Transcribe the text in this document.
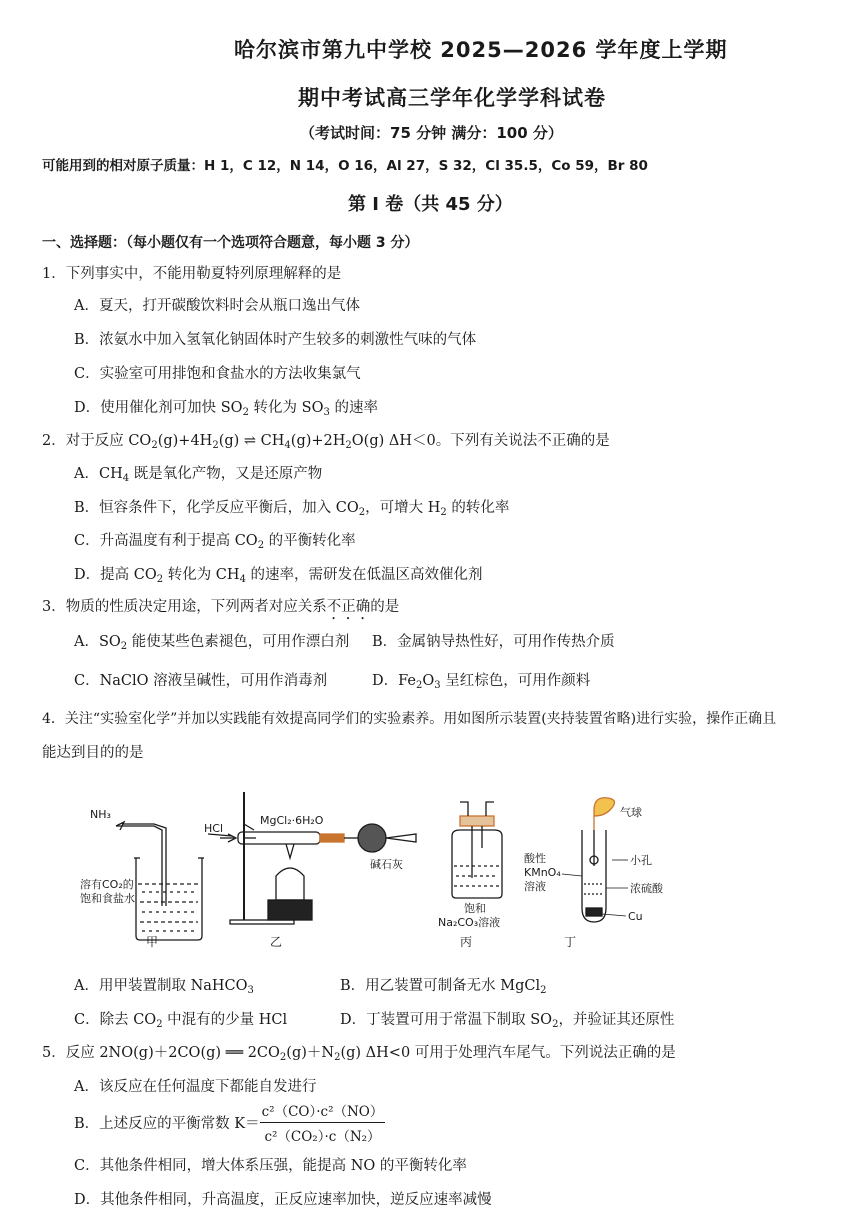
哈尔滨市第九中学校 2025—2026 学年度上学期
期中考试高三学年化学学科试卷
（考试时间：75 分钟 满分：100 分）
可能用到的相对原子质量：H 1，C 12，N 14，O 16，Al 27，S 32，Cl 35.5，Co 59，Br 80
第 I 卷（共 45 分）
一、选择题：（每小题仅有一个选项符合题意，每小题 3 分）
1．下列事实中，不能用勒夏特列原理解释的是
A．夏天，打开碳酸饮料时会从瓶口逸出气体
B．浓氨水中加入氢氧化钠固体时产生较多的刺激性气味的气体
C．实验室可用排饱和食盐水的方法收集氯气
D．使用催化剂可加快 $SO_2$ 转化为 $SO_3$ 的速率
2．对于反应 $CO_2(g)+4H_2(g)$ ⇌ $CH_4(g)+2H_2O(g)$ ΔH＜0。下列有关说法不正确的是
A．$CH_4$ 既是氧化产物，又是还原产物
B．恒容条件下，化学反应平衡后，加入 $CO_2$，可增大 $H_2$ 的转化率
C．升高温度有利于提高 $CO_2$ 的平衡转化率
D．提高 $CO_2$ 转化为 $CH_4$ 的速率，需研发在低温区高效催化剂
3．物质的性质决定用途，下列两者对应关系不正确的是
A．$SO_2$ 能使某些色素褪色，可用作漂白剂 B．金属钠导热性好，可用作传热介质
C．NaClO 溶液呈碱性，可用作消毒剂	D．$Fe_2O_3$ 呈红棕色，可用作颜料
4．关注“实验室化学”并加以实践能有效提高同学们的实验素养。用如图所示装置(夹持装置省略)进行实验，操作正确且
能达到目的的是
NH₃
溶有CO₂的
饱和食盐水
HCl
MgCl₂·6H₂O
碱石灰
饱和
Na₂CO₃溶液
气球
酸性
KMnO₄
溶液
小孔
浓硫酸
Cu
甲	乙	丙	丁
A．用甲装置制取 NaHCO$_3$	B．用乙装置可制备无水 MgCl$_2$
C．除去 $CO_2$ 中混有的少量 HCl	D．丁装置可用于常温下制取 $SO_2$，并验证其还原性
5．反应 2NO(g)＋2CO(g) ══ $2CO_2(g)+N_2(g)$ ΔH<0 可用于处理汽车尾气。下列说法正确的是
A．该反应在任何温度下都能自发进行
B．上述反应的平衡常数 $K= \frac{\text{c²（CO）·c²（NO）}}{\text{c²（CO₂）·c（N₂）}}$
C．其他条件相同，增大体系压强，能提高 NO 的平衡转化率
D．其他条件相同，升高温度，正反应速率加快，逆反应速率减慢
